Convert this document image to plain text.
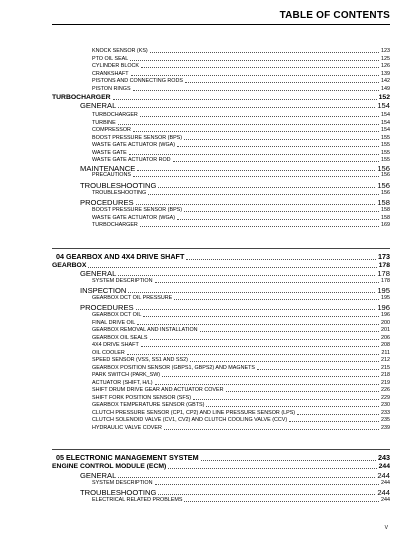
TABLE OF CONTENTS
KNOCK SENSOR (KS)	123
PTO OIL SEAL	125
CYLINDER BLOCK	126
CRANKSHAFT	139
PISTONS AND CONNECTING RODS	142
PISTON RINGS	149
TURBOCHARGER	152
GENERAL	154
TURBOCHARGER	154
TURBINE	154
COMPRESSOR	154
BOOST PRESSURE SENSOR (BPS)	155
WASTE GATE ACTUATOR (WGA)	155
WASTE GATE	155
WASTE GATE ACTUATOR ROD	155
MAINTENANCE	156
PRECAUTIONS	156
TROUBLESHOOTING	156
TROUBLESHOOTING	156
PROCEDURES	158
BOOST PRESSURE SENSOR (BPS)	158
WASTE GATE ACTUATOR (WGA)	158
TURBOCHARGER	169
04 GEARBOX AND 4X4 DRIVE SHAFT	173
GEARBOX	178
GENERAL	178
SYSTEM DESCRIPTION	178
INSPECTION	195
GEARBOX DCT OIL PRESSURE	195
PROCEDURES	196
GEARBOX DCT OIL	196
FINAL DRIVE OIL	200
GEARBOX REMOVAL AND INSTALLATION	201
GEARBOX OIL SEALS	206
4X4 DRIVE SHAFT	208
OIL COOLER	211
SPEED SENSOR (VSS, SS1 AND SS2)	212
GEARBOX POSITION SENSOR (GBPS1, GBPS2) AND MAGNETS	215
PARK SWITCH (PARK_SW)	218
ACTUATOR (SHIFT, H/L)	219
SHIFT DRUM DRIVE GEAR AND ACTUATOR COVER	226
SHIFT FORK POSITION SENSOR (SFS)	229
GEARBOX TEMPERATURE SENSOR (GBTS)	230
CLUTCH PRESSURE SENSOR (CP1, CP2) AND LINE PRESSURE SENSOR (LPS)	233
CLUTCH SOLENOID VALVE (CV1, CV2) AND CLUTCH COOLING VALVE (CCV)	235
HYDRAULIC VALVE COVER	239
05 ELECTRONIC MANAGEMENT SYSTEM	243
ENGINE CONTROL MODULE (ECM)	244
GENERAL	244
SYSTEM DESCRIPTION	244
TROUBLESHOOTING	244
ELECTRICAL RELATED PROBLEMS	244
V
